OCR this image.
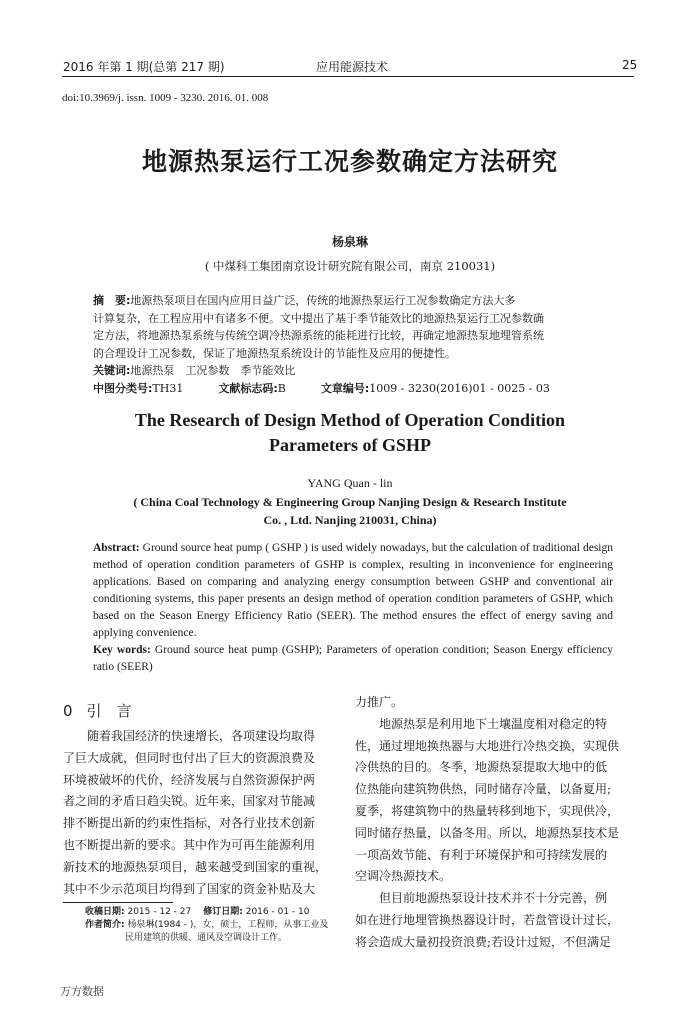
2016 年第 1 期(总第 217 期)	应用能源技术	25
doi:10.3969/j. issn. 1009 - 3230. 2016. 01. 008
地源热泵运行工况参数确定方法研究
杨泉琳
( 中煤科工集团南京设计研究院有限公司，南京 210031)
摘　要:地源热泵项目在国内应用日益广泛，传统的地源热泵运行工况参数确定方法大多
计算复杂，在工程应用中有诸多不便。文中提出了基于季节能效比的地源热泵运行工况参数确
定方法，将地源热泵系统与传统空调冷热源系统的能耗进行比较，再确定地源热泵地埋管系统
的合理设计工况参数，保证了地源热泵系统设计的节能性及应用的便捷性。
关键词:地源热泵　工况参数　季节能效比
中图分类号:TH31	文献标志码:B	文章编号:1009 - 3230(2016)01 - 0025 - 03
The Research of Design Method of Operation Condition
Parameters of GSHP
YANG Quan - lin
( China Coal Technology & Engineering Group Nanjing Design & Research Institute
Co. , Ltd. Nanjing 210031, China)
Abstract: Ground source heat pump ( GSHP ) is used widely nowadays, but the calculation of traditional design method of operation condition parameters of GSHP is complex, resulting in inconvenience for engineering applications. Based on comparing and analyzing energy consumption between GSHP and conventional air conditioning systems, this paper presents an design method of operation condition parameters of GSHP, which based on the Season Energy Efficiency Ratio (SEER). The method ensures the effect of energy saving and applying convenience.
Key words: Ground source heat pump (GSHP); Parameters of operation condition; Season Energy efficiency ratio (SEER)
0 引　言

随着我国经济的快速增长，各项建设均取得

了巨大成就，但同时也付出了巨大的资源浪费及

环境被破坏的代价，经济发展与自然资源保护两

者之间的矛盾日趋尖锐。近年来，国家对节能减

排不断提出新的约束性指标，对各行业技术创新

也不断提出新的要求。其中作为可再生能源利用

新技术的地源热泵项目，越来越受到国家的重视，

其中不少示范项目均得到了国家的资金补贴及大

收稿日期: 2015 - 12 - 27 修订日期: 2016 - 01 - 10
作者简介: 杨泉琳(1984 - )，女，硕士，工程师，从事工业及
民用建筑的供暖、通风及空调设计工作。

力推广。

地源热泵是利用地下土壤温度相对稳定的特

性，通过埋地换热器与大地进行冷热交换，实现供

冷供热的目的。冬季，地源热泵提取大地中的低

位热能向建筑物供热，同时储存冷量，以备夏用;

夏季，将建筑物中的热量转移到地下，实现供冷，

同时储存热量，以备冬用。所以，地源热泵技术是

一项高效节能、有利于环境保护和可持续发展的

空调冷热源技术。

但目前地源热泵设计技术并不十分完善，例

如在进行地埋管换热器设计时，若盘管设计过长，

将会造成大量初投资浪费;若设计过短，不但满足

万方数据
